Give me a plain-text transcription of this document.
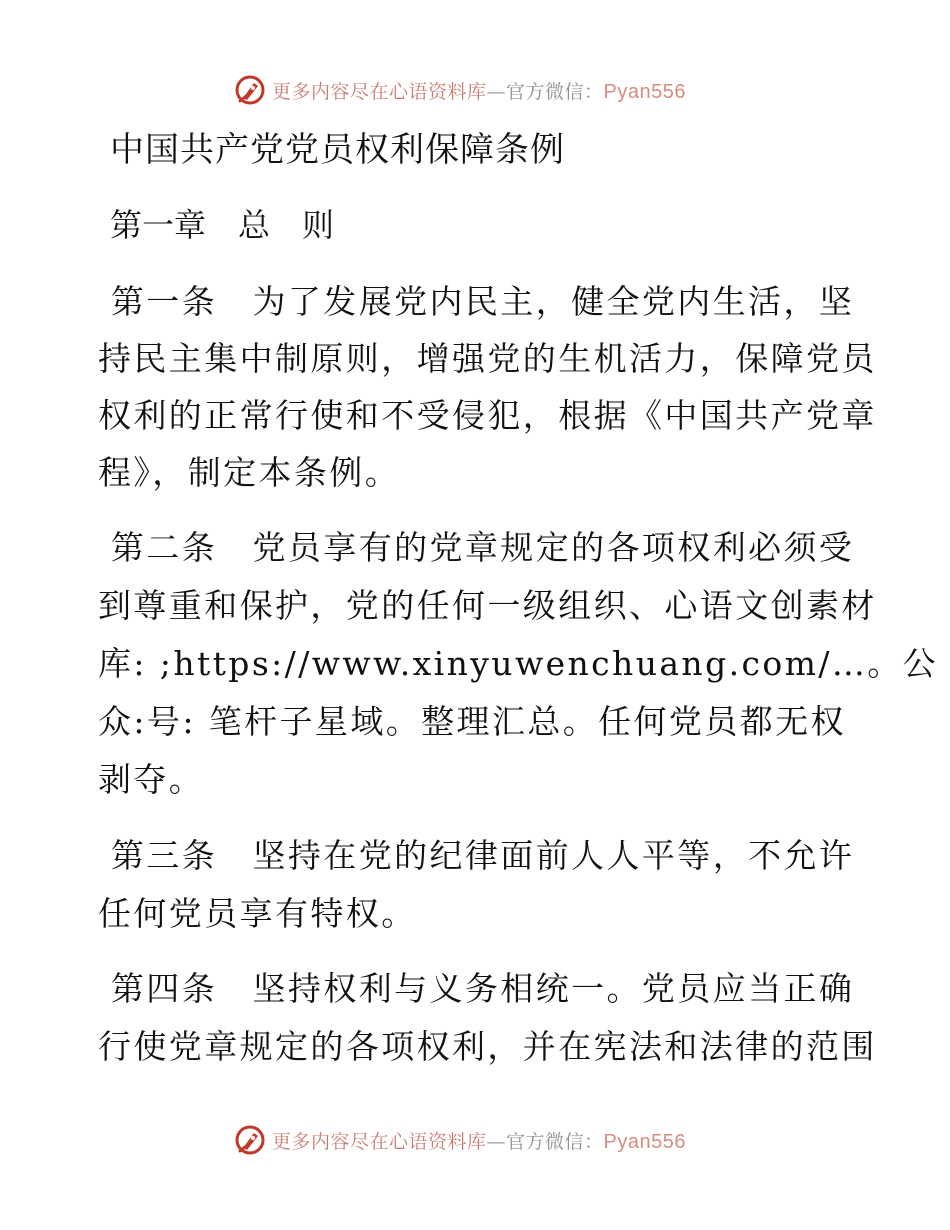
更多内容尽在心语资料库—官方微信：Pyan556
中国共产党党员权利保障条例
第一章　总　则
第一条　为了发展党内民主，健全党内生活，坚
持民主集中制原则，增强党的生机活力，保障党员
权利的正常行使和不受侵犯，根据《中国共产党章
程》，制定本条例。
第二条　党员享有的党章规定的各项权利必须受
到尊重和保护，党的任何一级组织、心语文创素材
库: ;https://www.xinyuwenchuang.com/…。公
众:号: 笔杆子星域。整理汇总。任何党员都无权
剥夺。
第三条　坚持在党的纪律面前人人平等，不允许
任何党员享有特权。
第四条　坚持权利与义务相统一。党员应当正确
行使党章规定的各项权利，并在宪法和法律的范围
更多内容尽在心语资料库—官方微信：Pyan556
